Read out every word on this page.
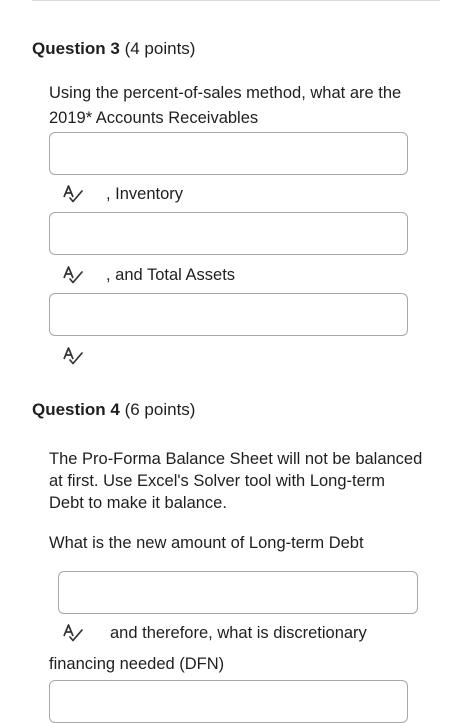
Question 3 (4 points)
Using the percent-of-sales method, what are the
2019* Accounts Receivables
, Inventory
, and Total Assets
Question 4 (6 points)
The Pro-Forma Balance Sheet will not be balanced
at first. Use Excel's Solver tool with Long-term
Debt to make it balance.
What is the new amount of Long-term Debt
and therefore, what is discretionary
financing needed (DFN)
